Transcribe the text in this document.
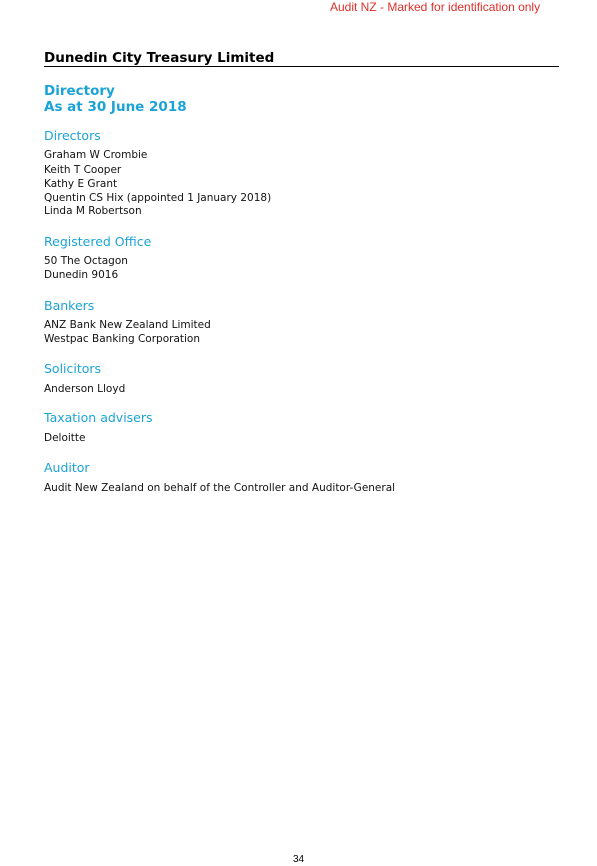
Audit NZ - Marked for identification only
Dunedin City Treasury Limited
Directory
As at 30 June 2018
Directors
Graham W Crombie
Keith T Cooper
Kathy E Grant
Quentin CS Hix (appointed 1 January 2018)
Linda M Robertson
Registered Office
50 The Octagon
Dunedin 9016
Bankers
ANZ Bank New Zealand Limited
Westpac Banking Corporation
Solicitors
Anderson Lloyd
Taxation advisers
Deloitte
Auditor
Audit New Zealand on behalf of the Controller and Auditor-General
34
